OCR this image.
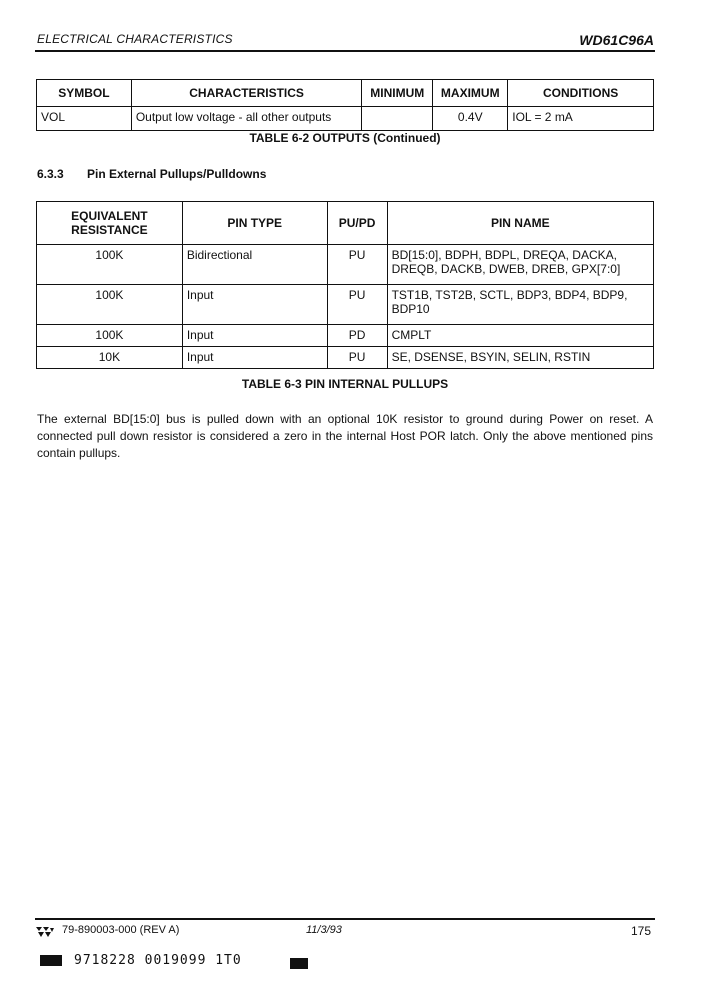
ELECTRICAL CHARACTERISTICS	WD61C96A
SYMBOL	CHARACTERISTICS	MINIMUM	MAXIMUM	CONDITIONS
VOL	Output low voltage - all other outputs		0.4V	IOL = 2 mA
TABLE 6-2 OUTPUTS (Continued)
6.3.3 Pin External Pullups/Pulldowns
EQUIVALENT RESISTANCE	PIN TYPE	PU/PD	PIN NAME
100K	Bidirectional	PU	BD[15:0], BDPH, BDPL, DREQA, DACKA, DREQB, DACKB, DWEB, DREB, GPX[7:0]
100K	Input	PU	TST1B, TST2B, SCTL, BDP3, BDP4, BDP9, BDP10
100K	Input	PD	CMPLT
10K	Input	PU	SE, DSENSE, BSYIN, SELIN, RSTIN
TABLE 6-3 PIN INTERNAL PULLUPS
The external BD[15:0] bus is pulled down with an optional 10K resistor to ground during Power on reset. A connected pull down resistor is considered a zero in the internal Host POR latch. Only the above mentioned pins contain pullups.
79-890003-000 (REV A)	11/3/93	175
9718228 0019099 1T0
